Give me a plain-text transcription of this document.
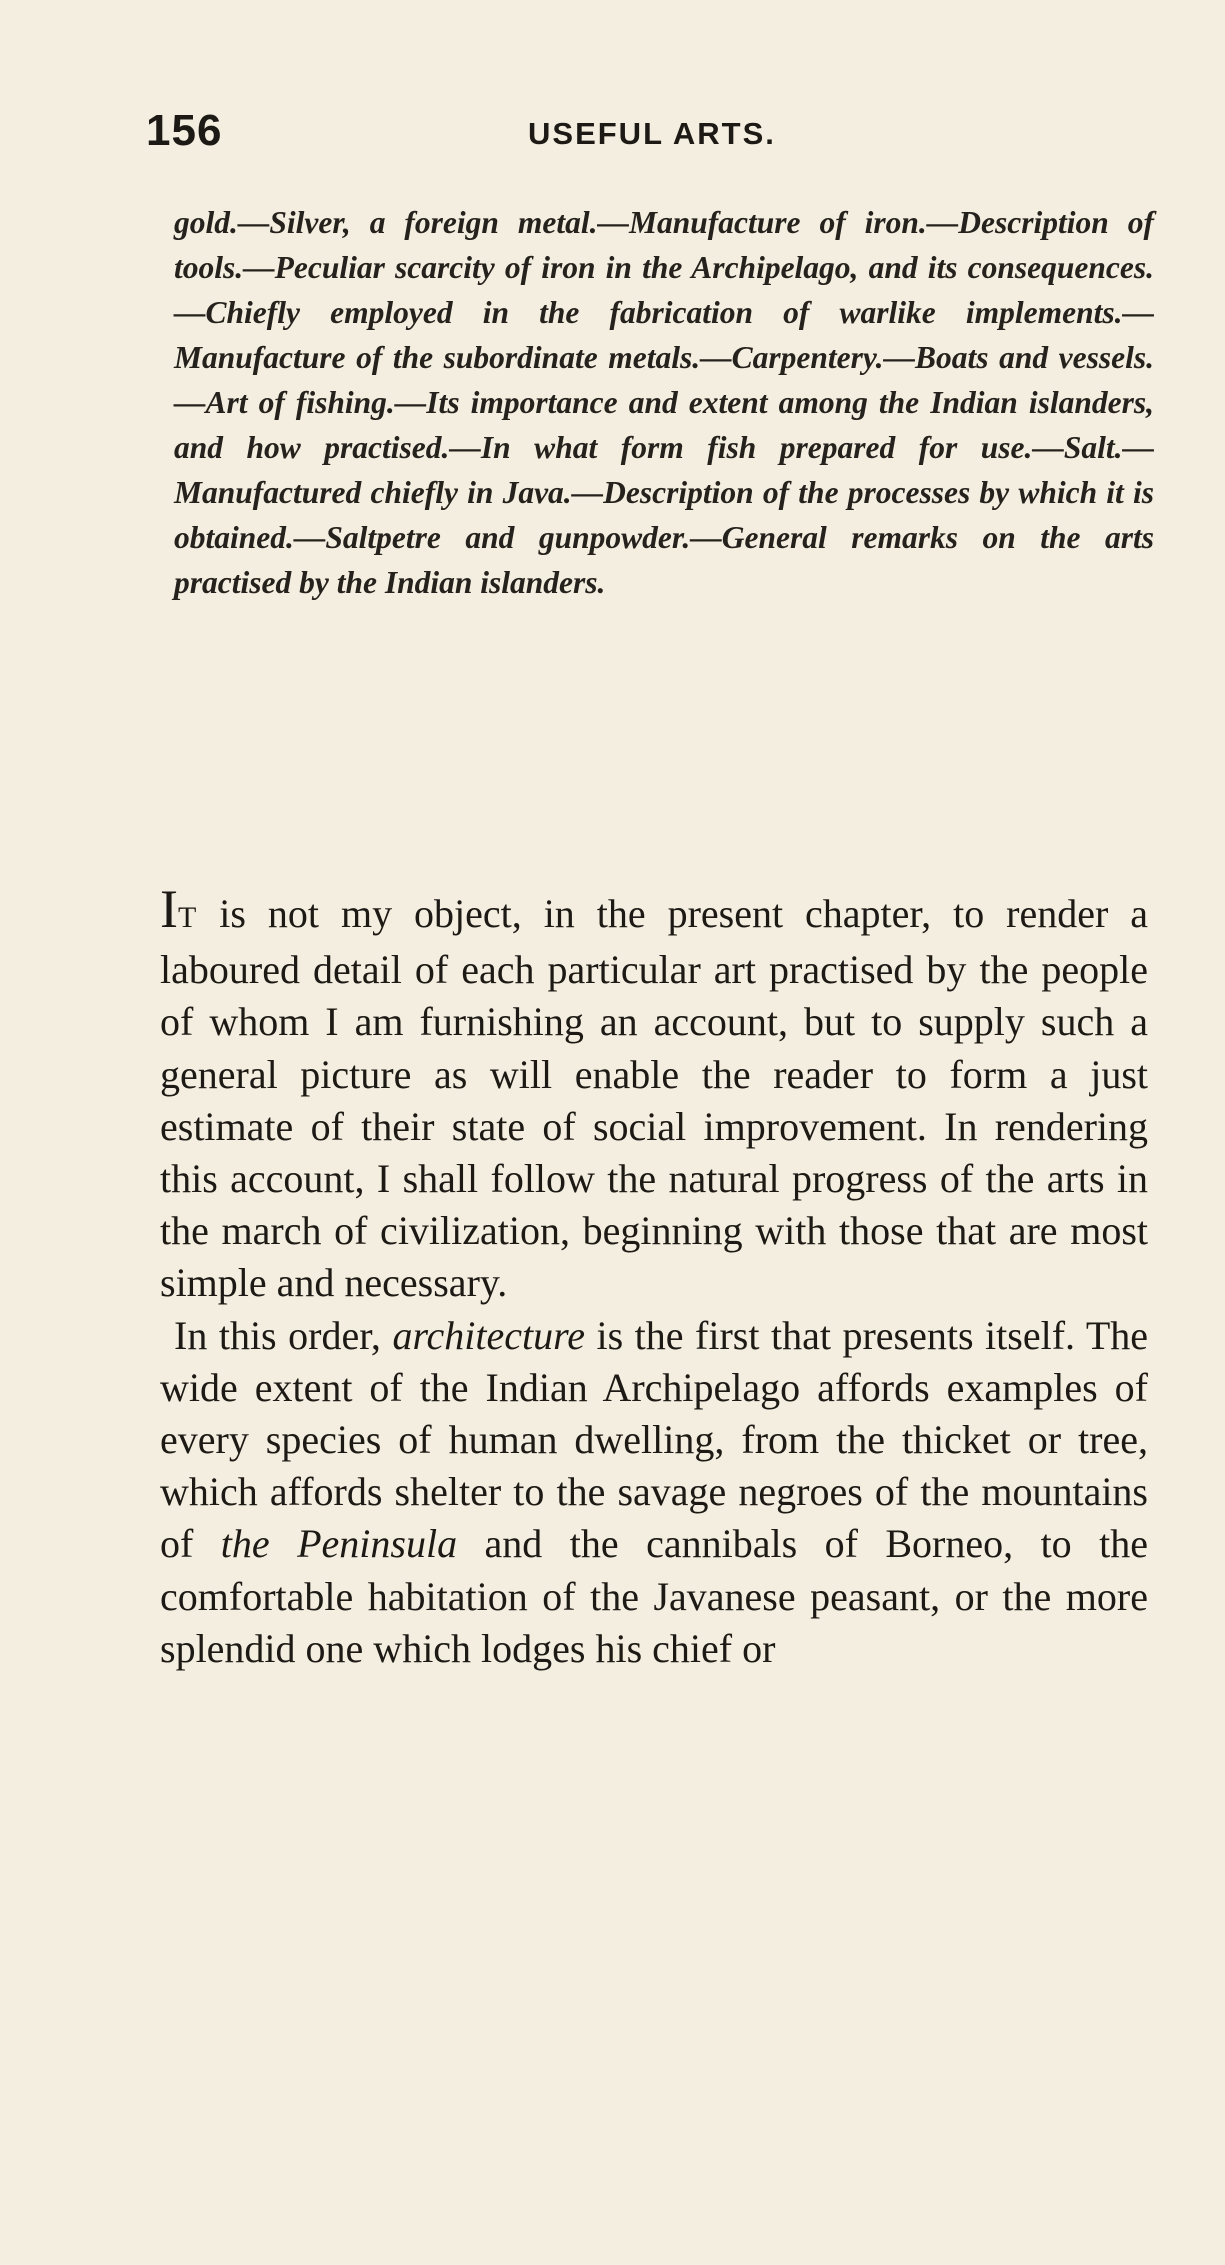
156	USEFUL ARTS.

gold.—Silver, a foreign metal.—Manufacture of iron.—Description of tools.—Peculiar scarcity of iron in the Archipelago, and its consequences.—Chiefly employed in the fabrication of warlike implements.—Manufacture of the subordinate metals.—Carpentery.—Boats and vessels.—Art of fishing.—Its importance and extent among the Indian islanders, and how practised.—In what form fish prepared for use.—Salt.—Manufactured chiefly in Java.—Description of the processes by which it is obtained.—Saltpetre and gunpowder.—General remarks on the arts practised by the Indian islanders.

IT is not my object, in the present chapter, to render a laboured detail of each particular art practised by the people of whom I am furnishing an account, but to supply such a general picture as will enable the reader to form a just estimate of their state of social improvement. In rendering this account, I shall follow the natural progress of the arts in the march of civilization, beginning with those that are most simple and necessary.

In this order, architecture is the first that presents itself. The wide extent of the Indian Archipelago affords examples of every species of human dwelling, from the thicket or tree, which affords shelter to the savage negroes of the mountains of the Peninsula and the cannibals of Borneo, to the comfortable habitation of the Javanese peasant, or the more splendid one which lodges his chief or
